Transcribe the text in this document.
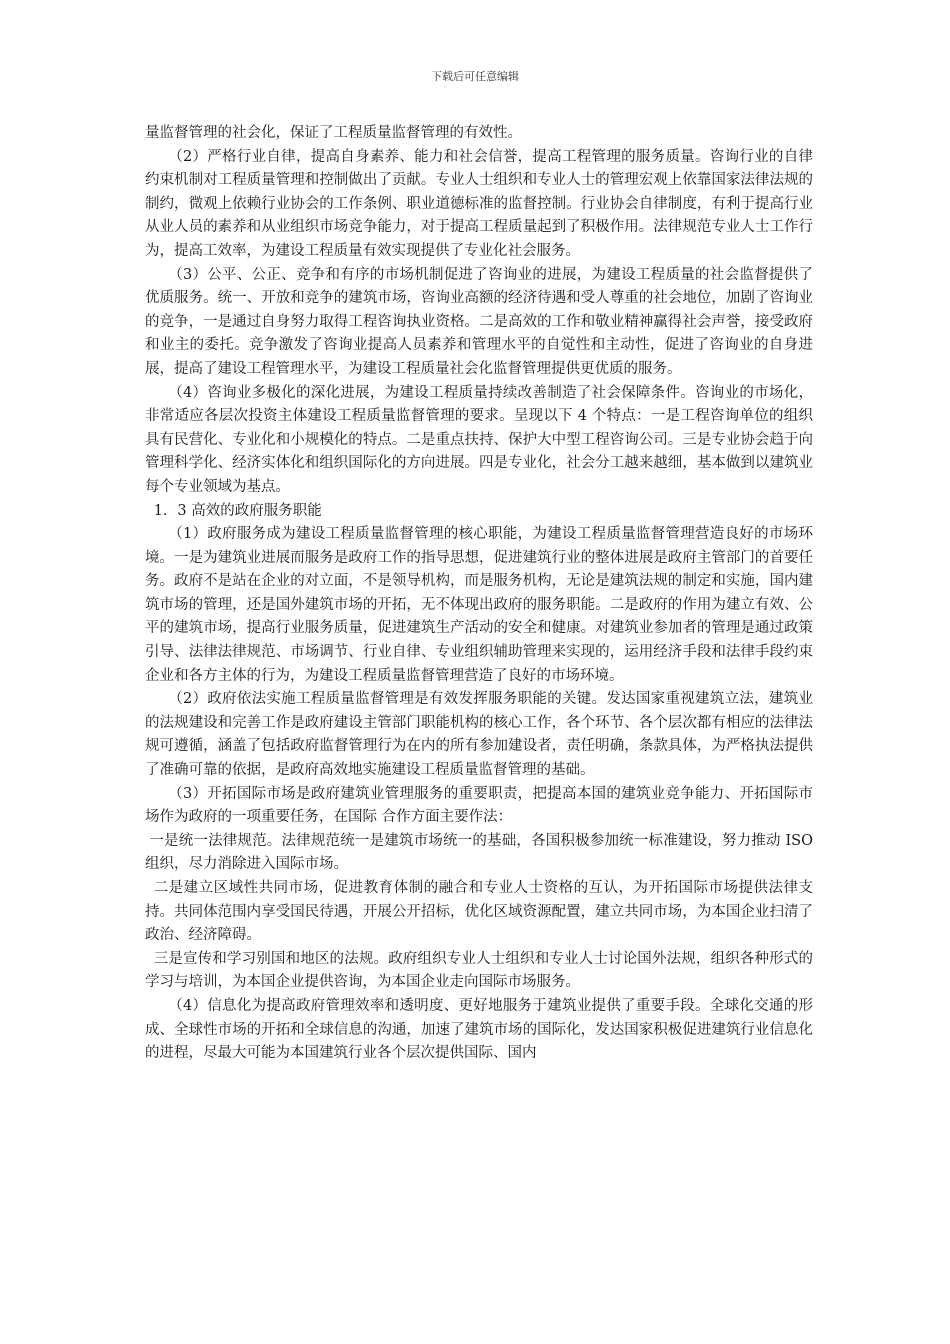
下载后可任意编辑

量监督管理的社会化，保证了工程质量监督管理的有效性。

（2）严格行业自律，提高自身素养、能力和社会信誉，提高工程管理的服务质量。咨询行业的自律约束机制对工程质量管理和控制做出了贡献。专业人士组织和专业人士的管理宏观上依靠国家法律法规的制约，微观上依赖行业协会的工作条例、职业道德标准的监督控制。行业协会自律制度，有利于提高行业从业人员的素养和从业组织市场竞争能力，对于提高工程质量起到了积极作用。法律规范专业人士工作行为，提高工效率，为建设工程质量有效实现提供了专业化社会服务。

（3）公平、公正、竞争和有序的市场机制促进了咨询业的进展，为建设工程质量的社会监督提供了优质服务。统一、开放和竞争的建筑市场，咨询业高额的经济待遇和受人尊重的社会地位，加剧了咨询业的竞争，一是通过自身努力取得工程咨询执业资格。二是高效的工作和敬业精神赢得社会声誉，接受政府和业主的委托。竞争激发了咨询业提高人员素养和管理水平的自觉性和主动性，促进了咨询业的自身进展，提高了建设工程管理水平，为建设工程质量社会化监督管理提供更优质的服务。

（4）咨询业多极化的深化进展，为建设工程质量持续改善制造了社会保障条件。咨询业的市场化，非常适应各层次投资主体建设工程质量监督管理的要求。呈现以下 4 个特点：一是工程咨询单位的组织具有民营化、专业化和小规模化的特点。二是重点扶持、保护大中型工程咨询公司。三是专业协会趋于向管理科学化、经济实体化和组织国际化的方向进展。四是专业化，社会分工越来越细，基本做到以建筑业每个专业领域为基点。

1．3 高效的政府服务职能

（1）政府服务成为建设工程质量监督管理的核心职能，为建设工程质量监督管理营造良好的市场环境。一是为建筑业进展而服务是政府工作的指导思想，促进建筑行业的整体进展是政府主管部门的首要任务。政府不是站在企业的对立面，不是领导机构，而是服务机构，无论是建筑法规的制定和实施，国内建筑市场的管理，还是国外建筑市场的开拓，无不体现出政府的服务职能。二是政府的作用为建立有效、公平的建筑市场，提高行业服务质量，促进建筑生产活动的安全和健康。对建筑业参加者的管理是通过政策引导、法律法律规范、市场调节、行业自律、专业组织辅助管理来实现的，运用经济手段和法律手段约束企业和各方主体的行为，为建设工程质量监督管理营造了良好的市场环境。

（2）政府依法实施工程质量监督管理是有效发挥服务职能的关键。发达国家重视建筑立法，建筑业的法规建设和完善工作是政府建设主管部门职能机构的核心工作，各个环节、各个层次都有相应的法律法规可遵循，涵盖了包括政府监督管理行为在内的所有参加建设者，责任明确，条款具体，为严格执法提供了准确可靠的依据，是政府高效地实施建设工程质量监督管理的基础。

（3）开拓国际市场是政府建筑业管理服务的重要职责，把提高本国的建筑业竞争能力、开拓国际市场作为政府的一项重要任务，在国际 合作方面主要作法：

一是统一法律规范。法律规范统一是建筑市场统一的基础，各国积极参加统一标准建设，努力推动 ISO 组织，尽力消除进入国际市场。

二是建立区域性共同市场，促进教育体制的融合和专业人士资格的互认，为开拓国际市场提供法律支持。共同体范围内享受国民待遇，开展公开招标，优化区域资源配置，建立共同市场，为本国企业扫清了政治、经济障碍。

三是宣传和学习别国和地区的法规。政府组织专业人士组织和专业人士讨论国外法规，组织各种形式的学习与培训，为本国企业提供咨询，为本国企业走向国际市场服务。

（4）信息化为提高政府管理效率和透明度、更好地服务于建筑业提供了重要手段。全球化交通的形成、全球性市场的开拓和全球信息的沟通，加速了建筑市场的国际化，发达国家积极促进建筑行业信息化的进程，尽最大可能为本国建筑行业各个层次提供国际、国内
